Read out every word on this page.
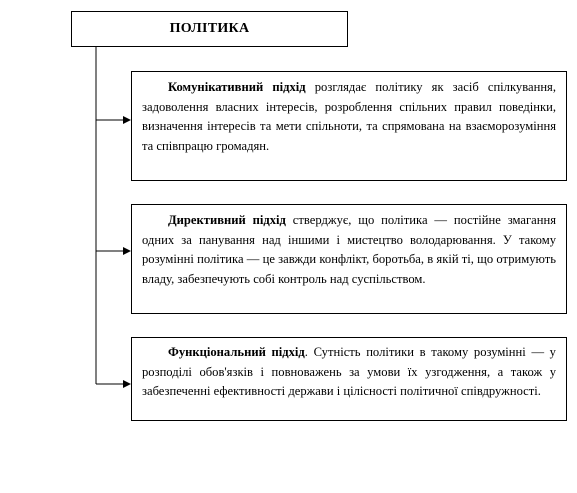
ПОЛІТИКА

Комунікативний підхід розглядає політику як засіб спілкування, задоволення власних інтересів, розроблення спільних правил поведінки, визначення інтересів та мети спільноти, та спрямована на взаєморозуміння та співпрацю громадян.

Директивний підхід стверджує, що політика — постійне змагання одних за панування над іншими і мистецтво володарювання. У такому розумінні політика — це завжди конфлікт, боротьба, в якій ті, що отримують владу, забезпечують собі контроль над суспільством.

Функціональний підхід. Сутність політики в такому розумінні — у розподілі обов'язків і повноважень за умови їх узгодження, а також у забезпеченні ефективності держави і цілісності політичної співдружності.
